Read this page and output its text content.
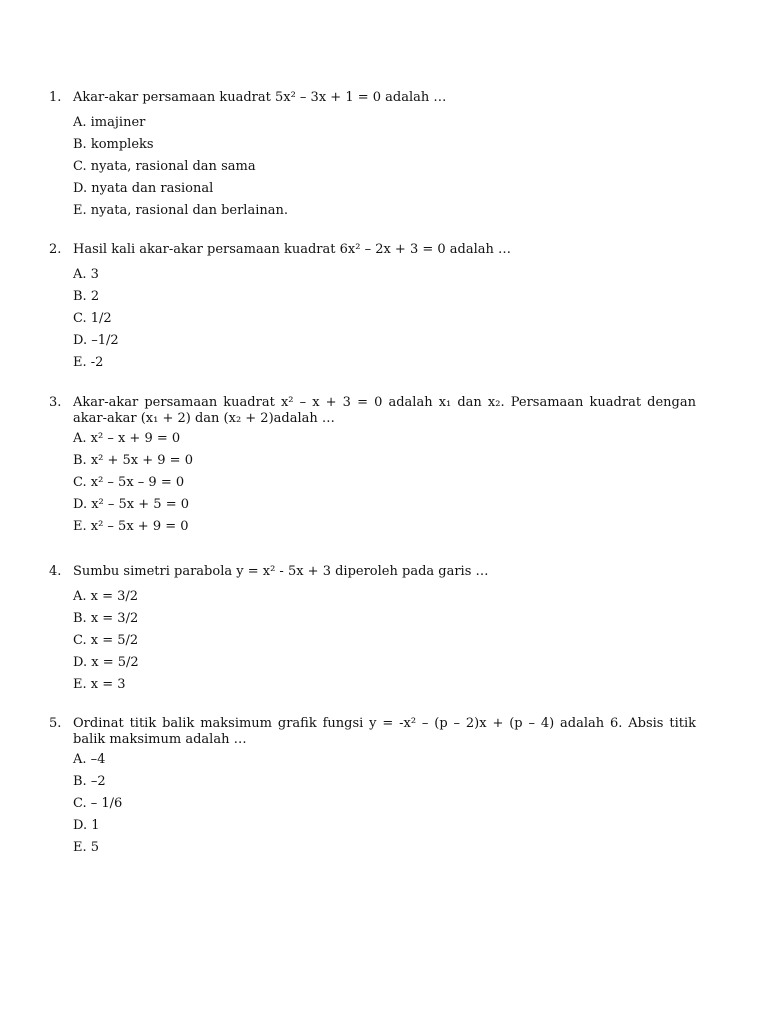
1. Akar-akar persamaan kuadrat 5x² – 3x + 1 = 0 adalah …
A. imajiner
B. kompleks
C. nyata, rasional dan sama
D. nyata dan rasional
E. nyata, rasional dan berlainan.
2. Hasil kali akar-akar persamaan kuadrat 6x² – 2x + 3 = 0 adalah …
A. 3
B. 2
C. 1/2
D. –1/2
E. -2
3. Akar-akar persamaan kuadrat x² – x + 3 = 0 adalah x₁ dan x₂. Persamaan kuadrat dengan akar-akar (x₁ + 2) dan (x₂ + 2)adalah …
A. x² – x + 9 = 0
B. x² + 5x + 9 = 0
C. x² – 5x – 9 = 0
D. x² – 5x + 5 = 0
E. x² – 5x + 9 = 0
4. Sumbu simetri parabola y = x² - 5x + 3 diperoleh pada garis …
A. x = 3/2
B. x = 3/2
C. x = 5/2
D. x = 5/2
E. x = 3
5. Ordinat titik balik maksimum grafik fungsi y = -x² – (p – 2)x + (p – 4) adalah 6. Absis titik balik maksimum adalah …
A. –4
B. –2
C. – 1/6
D. 1
E. 5
